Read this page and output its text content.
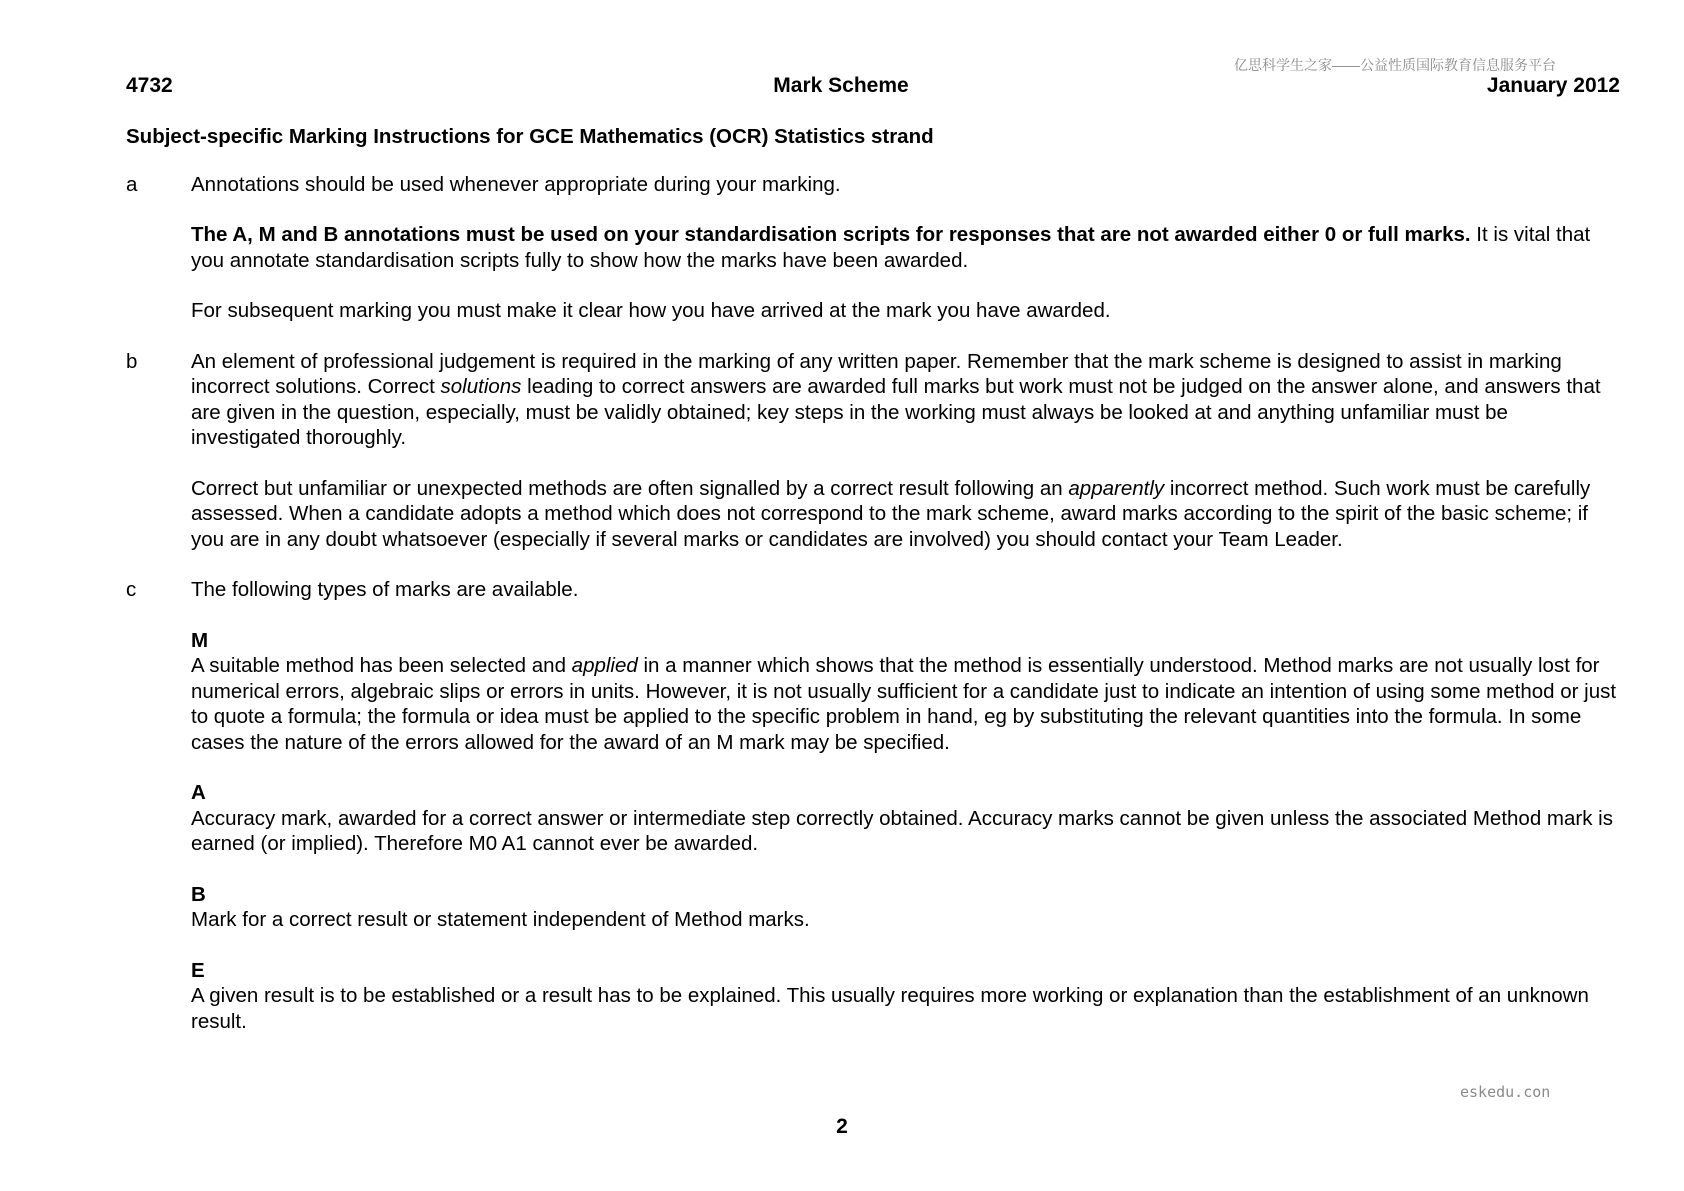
亿思科学生之家——公益性质国际教育信息服务平台
4732	Mark Scheme	January 2012
Subject-specific Marking Instructions for GCE Mathematics (OCR) Statistics strand
a	Annotations should be used whenever appropriate during your marking.

The A, M and B annotations must be used on your standardisation scripts for responses that are not awarded either 0 or full marks. It is vital that you annotate standardisation scripts fully to show how the marks have been awarded.

For subsequent marking you must make it clear how you have arrived at the mark you have awarded.

b	An element of professional judgement is required in the marking of any written paper. Remember that the mark scheme is designed to assist in marking incorrect solutions. Correct solutions leading to correct answers are awarded full marks but work must not be judged on the answer alone, and answers that are given in the question, especially, must be validly obtained; key steps in the working must always be looked at and anything unfamiliar must be investigated thoroughly.

Correct but unfamiliar or unexpected methods are often signalled by a correct result following an apparently incorrect method. Such work must be carefully assessed. When a candidate adopts a method which does not correspond to the mark scheme, award marks according to the spirit of the basic scheme; if you are in any doubt whatsoever (especially if several marks or candidates are involved) you should contact your Team Leader.

c	The following types of marks are available.

M

A suitable method has been selected and applied in a manner which shows that the method is essentially understood. Method marks are not usually lost for numerical errors, algebraic slips or errors in units. However, it is not usually sufficient for a candidate just to indicate an intention of using some method or just to quote a formula; the formula or idea must be applied to the specific problem in hand, eg by substituting the relevant quantities into the formula. In some cases the nature of the errors allowed for the award of an M mark may be specified.

A

Accuracy mark, awarded for a correct answer or intermediate step correctly obtained. Accuracy marks cannot be given unless the associated Method mark is earned (or implied). Therefore M0 A1 cannot ever be awarded.

B

Mark for a correct result or statement independent of Method marks.

E

A given result is to be established or a result has to be explained. This usually requires more working or explanation than the establishment of an unknown result.

eskedu.con
2
